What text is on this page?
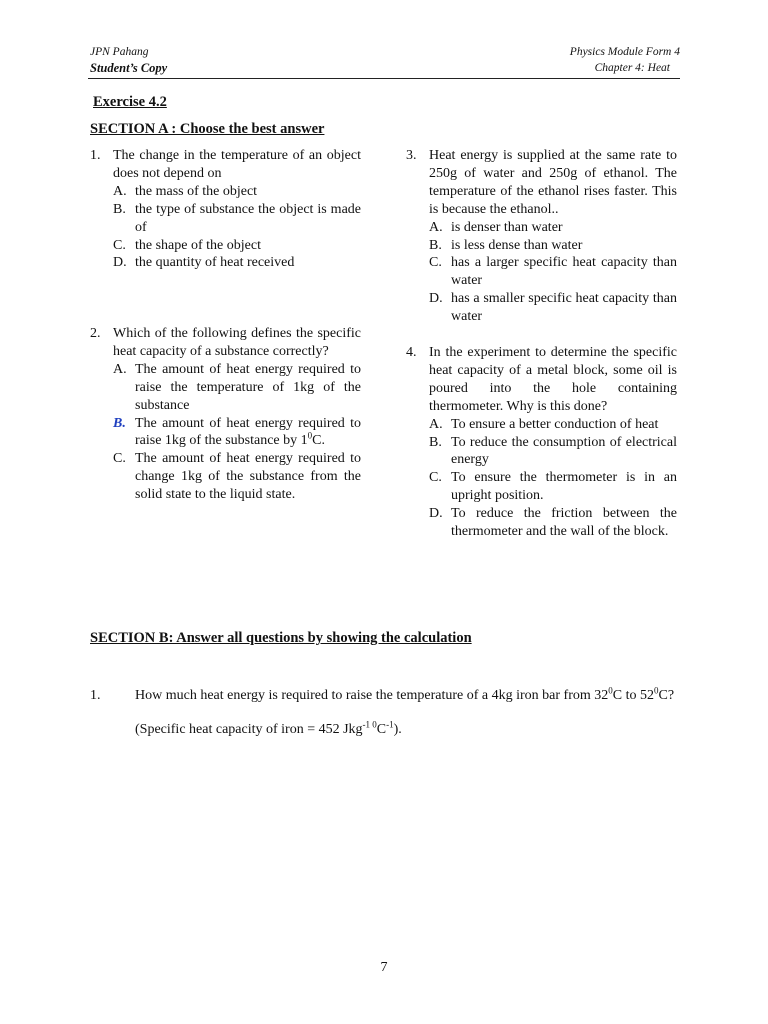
JPN Pahang
Student’s Copy
Physics Module Form 4
Chapter 4: Heat
Exercise 4.2
SECTION A : Choose the best answer
1. The change in the temperature of an object does not depend on
A. the mass of the object
B. the type of substance the object is made of
C. the shape of the object
D. the quantity of heat received
2. Which of the following defines the specific heat capacity of a substance correctly?
A. The amount of heat energy required to raise the temperature of 1kg of the substance
B. The amount of heat energy required to raise 1kg of the substance by $1^0C$.
C. The amount of heat energy required to change 1kg of the substance from the solid state to the liquid state.
3. Heat energy is supplied at the same rate to 250g of water and 250g of ethanol. The temperature of the ethanol rises faster. This is because the ethanol..
A. is denser than water
B. is less dense than water
C. has a larger specific heat capacity than water
D. has a smaller specific heat capacity than water
4. In the experiment to determine the specific heat capacity of a metal block, some oil is poured into the hole containing thermometer. Why is this done?
A. To ensure a better conduction of heat
B. To reduce the consumption of electrical energy
C. To ensure the thermometer is in an upright position.
D. To reduce the friction between the thermometer and the wall of the block.
SECTION B: Answer all questions by showing the calculation
1. How much heat energy is required to raise the temperature of a 4kg iron bar from $32^0C$ to $52^0C$? (Specific heat capacity of iron = 452 $Jkg^{-1 0}C^{-1}$).
7
